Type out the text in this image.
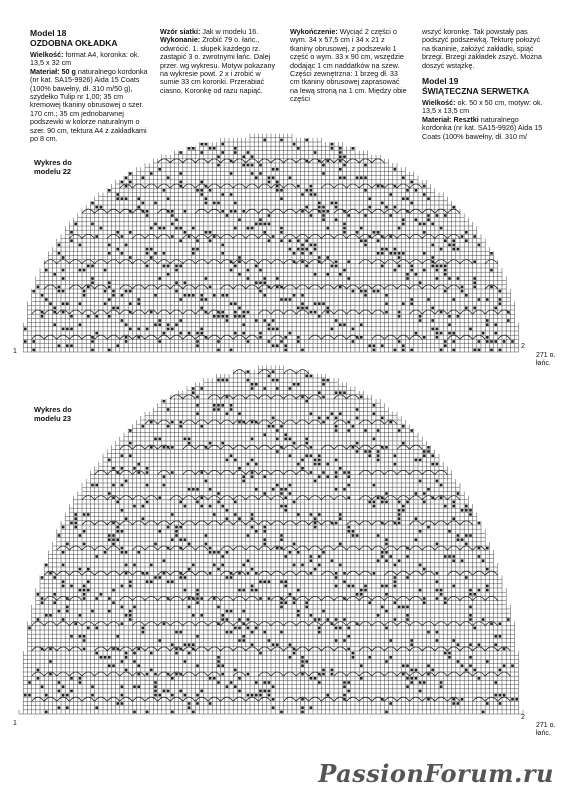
Model 18

OZDOBNA OKŁADKA

Wielkość: format A4, koronka: ok. 13,5 x 32 cm

Materiał: 50 g naturalnego kordonka (nr kat. SA15-9926) Aida 15 Coats (100% bawełny, dł. 310 m/50 g), szydełko Tulip nr 1,00; 35 cm kremowej tkaniny obrusowej o szer. 170 cm.; 35 cm jednobarwnej podszewki w kolorze naturalnym o szer. 90 cm, tektura A4 z zakładkami po 8 cm.

Wzór siatki: Jak w modelu 16.

Wykonanie: Zrobić 79 o. łańc., odwrócić. 1. słupek każdego rz. zastąpić 3 o. zwrotnymi łańc. Dalej przer. wg wykresu. Motyw pokazany na wykresie powt. 2 x i zrobić w sumie 33 cm koronki. Przerabiać ciasno. Koronkę od razu napiąć.

Wykończenie: Wyciąć 2 części o wym. 34 x 57,5 cm i 34 x 21 z tkaniny obrusowej, z podszewki 1 część o wym. 33 x 90 cm, wszędzie dodając 1 cm naddatków na szew. Części zewnętrzna: 1 brzeg dł. 33 cm tkaniny obrusowej zaprasować na lewą stroną na 1 cm. Między obie części

wszyć koronkę. Tak powstały pas podszyć podszewką. Tekturę położyć na tkaninie, założyć zakładki, spiąć brzegi. Brzegi zakładek zszyć. Można doszyć wstążkę.

Model 19

ŚWIĄTECZNA SERWETKA

Wielkość: ok. 50 x 50 cm, motyw: ok. 13,5 x 13,5 cm

Materiał: Resztki naturalnego kordonka (nr kat. SA15-9926) Aida 15 Coats (100% bawełny, dł. 310 m/

Wykres do
modelu 22
1
2
271 o.
łańc.
Wykres do
modelu 23
1
2
271 o.
łańc.
PassionForum.ru
